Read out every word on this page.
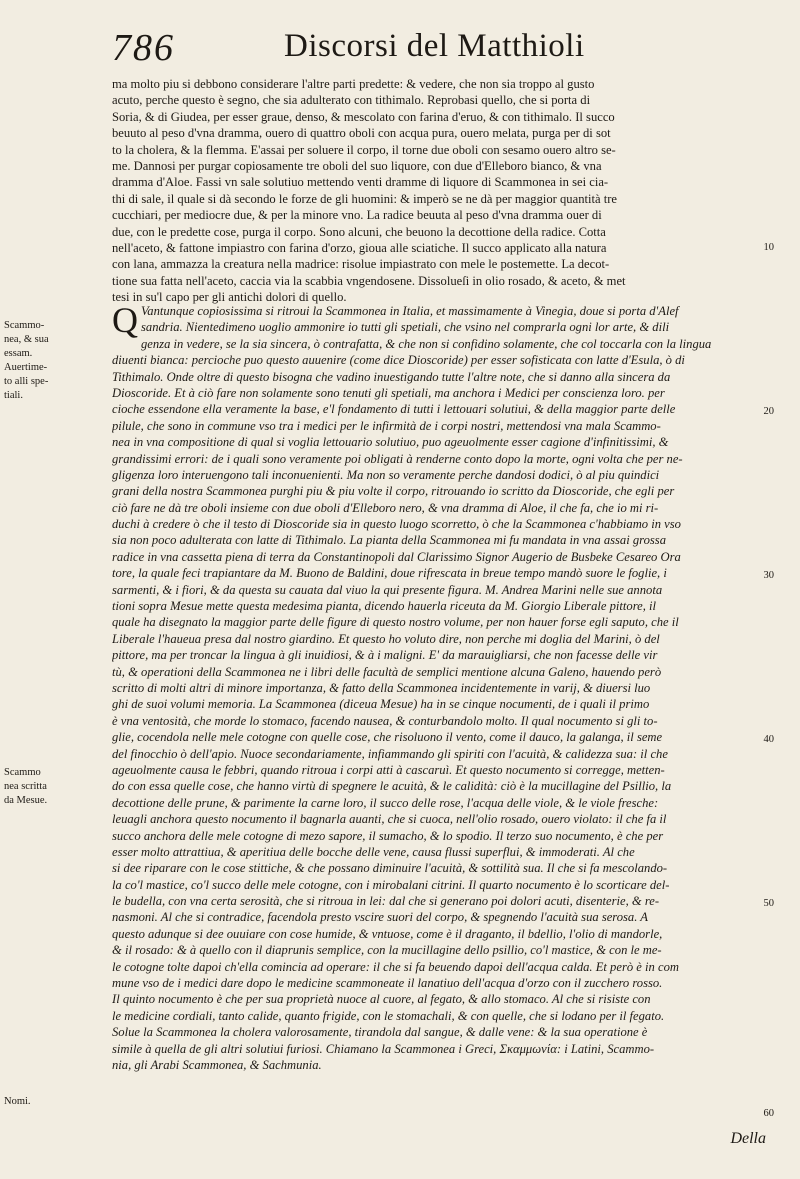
786	Discorsi del Matthioli
ma molto piu si debbono considerare l'altre parti predette: & vedere, che non sia troppo al gusto
acuto, perche questo è segno, che sia adulterato con tithimalo. Reprobasi quello, che si porta di
Soria, & di Giudea, per esser graue, denso, & mescolato con farina d'eruo, & con tithimalo. Il succo
beuuto al peso d'vna dramma, ouero di quattro oboli con acqua pura, ouero melata, purga per di sot
to la cholera, & la flemma. E'assai per soluere il corpo, il torne due oboli con sesamo ouero altro se-
me. Dannosi per purgar copiosamente tre oboli del suo liquore, con due d'Elleboro bianco, & vna
dramma d'Aloe. Fassi vn sale solutiuo mettendo venti dramme di liquore di Scammonea in sei cia-
thi di sale, il quale si dà secondo le forze de gli huomini: & imperò se ne dà per maggior quantità tre
cucchiari, per mediocre due, & per la minore vno. La radice beuuta al peso d'vna dramma ouer di
due, con le predette cose, purga il corpo. Sono alcuni, che beuono la decottione della radice. Cotta
nell'aceto, & fattone impiastro con farina d'orzo, gioua alle sciatiche. Il succo applicato alla natura
con lana, ammazza la creatura nella madrice: risolue impiastrato con mele le postemette. La decot-
tione sua fatta nell'aceto, caccia via la scabbia vngendosene. Dissolueſi in olio rosado, & aceto, & met
tesi in su'l capo per gli antichi dolori di quello.
Q Vantunque copiosissima si ritroui la Scammonea in Italia, et massimamente à Vinegia, doue si porta d'Alef
sandria. Nientedimeno uoglio ammonire io tutti gli spetiali, che vsino nel comprarla ogni lor arte, & dili
genza in vedere, se la sia sincera, ò contrafatta, & che non si confidino solamente, che col toccarla con la lingua
diuenti bianca: percioche puo questo auuenire (come dice Dioscoride) per esser sofisticata con latte d'Esula, ò di
Tithimalo. Onde oltre di questo bisogna che vadino inuestigando tutte l'altre note, che si danno alla sincera da
Dioscoride. Et à ciò fare non solamente sono tenuti gli spetiali, ma anchora i Medici per conscienza loro. per
cioche essendone ella veramente la base, e'l fondamento di tutti i lettouari solutiui, & della maggior parte delle
pilule, che sono in commune vso tra i medici per le infirmità de i corpi nostri, mettendosi vna mala Scammo-
nea in vna compositione di qual si voglia lettouario solutiuo, puo ageuolmente esser cagione d'infinitissimi, &
grandissimi errori: de i quali sono veramente poi obligati à renderne conto dopo la morte, ogni volta che per ne-
gligenza loro interuengono tali inconuenienti. Ma non so veramente perche dandosi dodici, ò al piu quindici
grani della nostra Scammonea purghi piu & piu volte il corpo, ritrouando io scritto da Dioscoride, che egli per
ciò fare ne dà tre oboli insieme con due oboli d'Elleboro nero, & vna dramma di Aloe, il che fa, che io mi ri-
duchi à credere ò che il testo di Dioscoride sia in questo luogo scorretto, ò che la Scammonea c'habbiamo in vso
sia non poco adulterata con latte di Tithimalo. La pianta della Scammonea mi fu mandata in vna assai grossa
radice in vna cassetta piena di terra da Constantinopoli dal Clarissimo Signor Augerio de Busbeke Cesareo Ora
tore, la quale feci trapiantare da M. Buono de Baldini, doue rifrescata in breue tempo mandò suore le foglie, i
sarmenti, & i fiori, & da questa su cauata dal viuo la qui presente figura. M. Andrea Marini nelle sue annota
tioni sopra Mesue mette questa medesima pianta, dicendo hauerla riceuta da M. Giorgio Liberale pittore, il
quale ha disegnato la maggior parte delle figure di questo nostro volume, per non hauer forse egli saputo, che il
Liberale l'haueua presa dal nostro giardino. Et questo ho voluto dire, non perche mi doglia del Marini, ò del
pittore, ma per troncar la lingua à gli inuidiosi, & à i maligni. E' da marauigliarsi, che non facesse delle vir
tù, & operationi della Scammonea ne i libri delle facultà de semplici mentione alcuna Galeno, hauendo però
scritto di molti altri di minore importanza, & fatto della Scammonea incidentemente in varij, & diuersi luo
ghi de suoi volumi memoria. La Scammonea (diceua Mesue) ha in se cinque nocumenti, de i quali il primo
è vna ventosità, che morde lo stomaco, facendo nausea, & conturbandolo molto. Il qual nocumento si gli to-
glie, cocendola nelle mele cotogne con quelle cose, che risoluono il vento, come il dauco, la galanga, il seme
del finocchio ò dell'apio. Nuoce secondariamente, infiammando gli spiriti con l'acuità, & calidezza sua: il che
ageuolmente causa le febbri, quando ritroua i corpi atti à cascaruì. Et questo nocumento si corregge, metten-
do con essa quelle cose, che hanno virtù di spegnere le acuità, & le calidità: ciò è la mucillagine del Psillio, la
decottione delle prune, & parimente la carne loro, il succo delle rose, l'acqua delle viole, & le viole fresche:
leuagli anchora questo nocumento il bagnarla auanti, che si cuoca, nell'olio rosado, ouero violato: il che fa il
succo anchora delle mele cotogne di mezo sapore, il sumacho, & lo spodio. Il terzo suo nocumento, è che per
esser molto attrattiua, & aperitiua delle bocche delle vene, causa flussi superflui, & immoderati. Al che
si dee riparare con le cose stittiche, & che possano diminuire l'acuità, & sottilità sua. Il che si fa mescolando-
la co'l mastice, co'l succo delle mele cotogne, con i mirobalani citrini. Il quarto nocumento è lo scorticare del-
le budella, con vna certa serosità, che si ritroua in lei: dal che si generano poi dolori acuti, disenterie, & re-
nasmoni. Al che si contradice, facendola presto vscire suori del corpo, & spegnendo l'acuità sua serosa. A
questo adunque si dee ouuiare con cose humide, & vntuose, come è il draganto, il bdellio, l'olio di mandorle,
& il rosado: & à quello con il diaprunis semplice, con la mucillagine dello psillio, co'l mastice, & con le me-
le cotogne tolte dapoi ch'ella comincia ad operare: il che si fa beuendo dapoi dell'acqua calda. Et però è in com
mune vso de i medici dare dopo le medicine scammoneate il lanatiuo dell'acqua d'orzo con il zucchero rosso.
Il quinto nocumento è che per sua proprietà nuoce al cuore, al fegato, & allo stomaco. Al che si risiste con
le medicine cordiali, tanto calide, quanto frigide, con le stomachali, & con quelle, che si lodano per il fegato.
Solue la Scammonea la cholera valorosamente, tirandola dal sangue, & dalle vene: & la sua operatione è
simile à quella de gli altri solutiui furiosi. Chiamano la Scammonea i Greci, Σκαμμωνία: i Latini, Scammo-
nia, gli Arabi Scammonea, & Sachmunia.
Scammo-
nea, & sua
essam.
Auertime-
to alli spe-
tiali.
Scammo
nea scritta
da Mesue.
Nomi.
10
20
30
40
50
60
Della
